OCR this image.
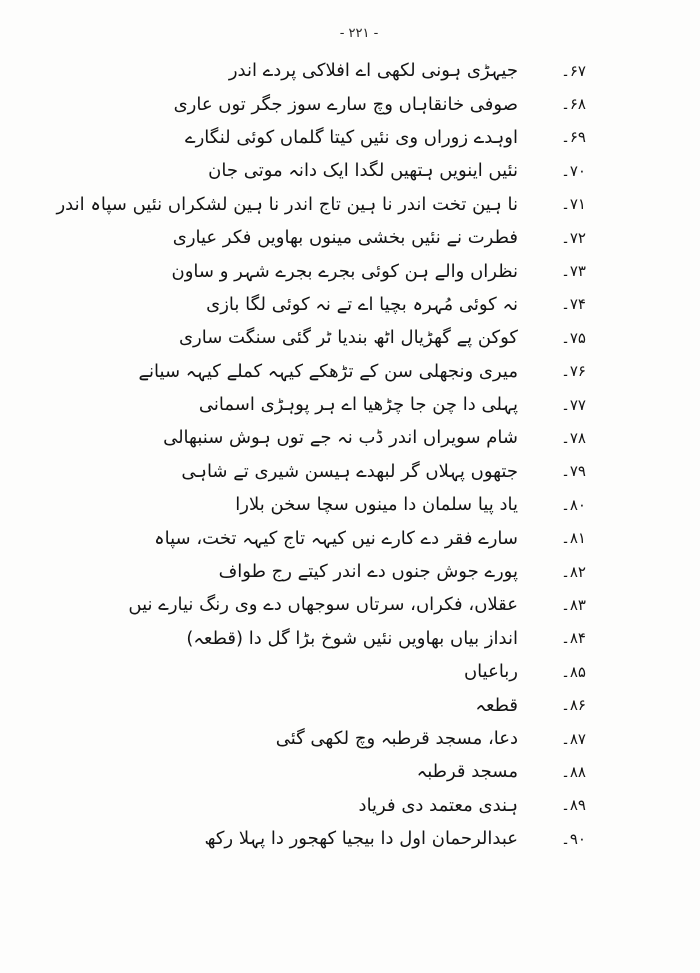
- ۲۲۱ -
۶۷۔
جیہڑی ہونی لکھی اے افلاکی پردے اندر
۶۸۔
صوفی خانقاہاں وچ سارے سوز جگر توں عاری
۶۹۔
اوہدے زوراں وی نئیں کیتا گلماں کوئی لنگارے
۷۰۔
نئیں اینویں ہتھیں لگدا ایک دانہ موتی جان
۷۱۔
نا ہین تخت اندر نا ہین تاج اندر نا ہین لشکراں نئیں سپاہ اندر
۷۲۔
فطرت نے نئیں بخشی مینوں بھاویں فکر عیاری
۷۳۔
نظراں والے ہن کوئی بجرے بجرے شہر و ساون
۷۴۔
نہ کوئی مُہرہ بچیا اے تے نہ کوئی لگا بازی
۷۵۔
کوکن پے گھڑیال اٹھ بندیا ٹر گئی سنگت ساری
۷۶۔
میری ونجھلی سن کے تڑھکے کیہہ کملے کیہہ سیانے
۷۷۔
پہلی دا چن جا چڑھیا اے ہر پوہڑی اسمانی
۷۸۔
شام سویراں اندر ڈب نہ جے توں ہوش سنبھالی
۷۹۔
جتھوں پہلاں گر لبھدے ہیسن شیری تے شاہی
۸۰۔
یاد پیا سلمان دا مینوں سچا سخن بلارا
۸۱۔
سارے فقر دے کارے نیں کیہہ تاج کیہہ تخت، سپاہ
۸۲۔
پورے جوش جنوں دے اندر کیتے رج طواف
۸۳۔
عقلاں، فکراں، سرتاں سوجھاں دے وی رنگ نیارے نیں
۸۴۔
انداز بیاں بھاویں نئیں شوخ بڑا گل دا (قطعہ)
۸۵۔
رباعیاں
۸۶۔
قطعہ
۸۷۔
دعا، مسجد قرطبہ وچ لکھی گئی
۸۸۔
مسجد قرطبہ
۸۹۔
ہندی معتمد دی فریاد
۹۰۔
عبدالرحمان اول دا بیجیا کھجور دا پہلا رکھ
